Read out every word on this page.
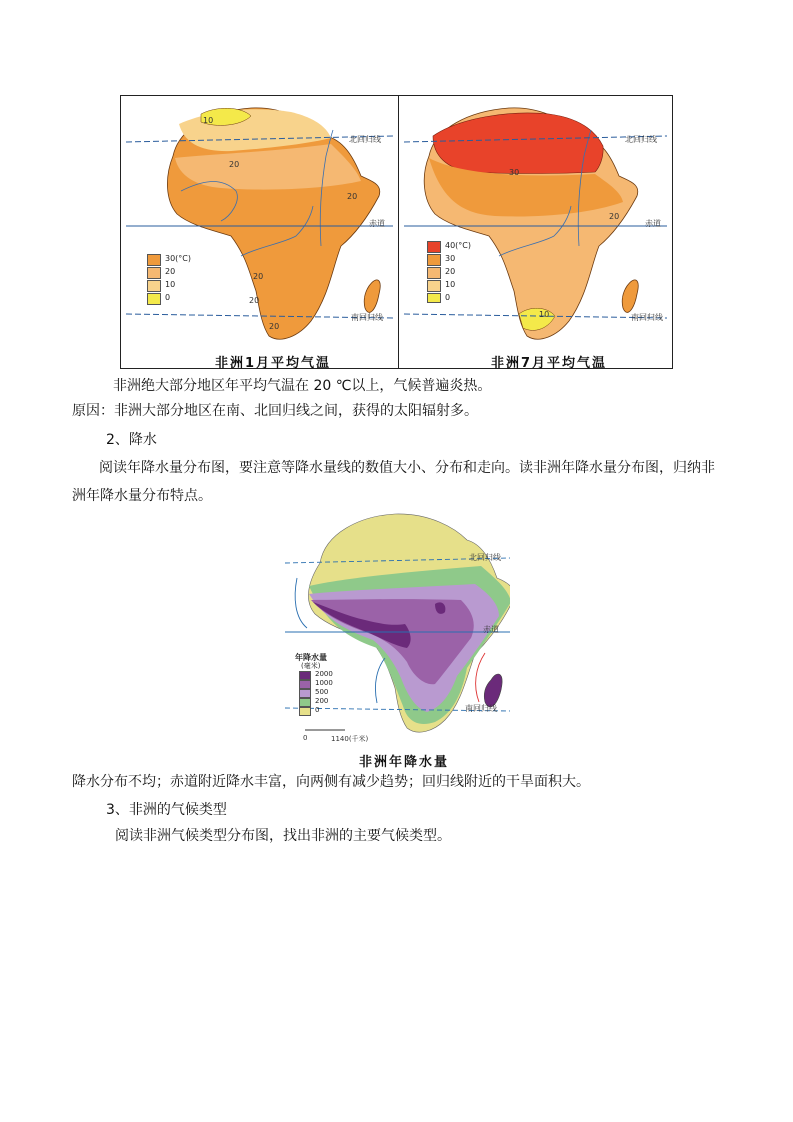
北回归线
赤道
南回归线
10
20
20
20
20
20
30(°C)
20
10
0
非洲1月平均气温
北回归线
赤道
南回归线
30
20
10
40(°C)
30
20
10
0
非洲7月平均气温
非洲绝大部分地区年平均气温在 20 ℃以上，气候普遍炎热。
原因：非洲大部分地区在南、北回归线之间，获得的太阳辐射多。
2、降水
阅读年降水量分布图，要注意等降水量线的数值大小、分布和走向。读非洲年降水量分布图，归纳非
洲年降水量分布特点。
北回归线
赤道
南回归线
年降水量
(毫米)
2000
1000
500
200
0
0	1140(千米)
非洲年降水量
降水分布不均；赤道附近降水丰富，向两侧有减少趋势；回归线附近的干旱面积大。
3、非洲的气候类型
阅读非洲气候类型分布图，找出非洲的主要气候类型。
